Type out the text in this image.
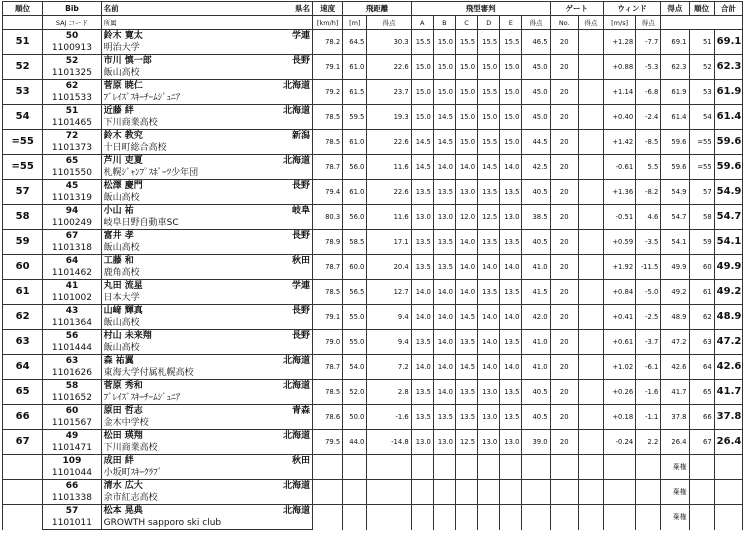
順位	Bib	名前 県名	速度	飛距離		飛型審判						ゲート		ウィンド		得点	順位	合計
	SAJ コード	所属	[km/h]	[m]	得点	A	B	C	D	E	得点	No.	得点	[m/s]	得点			
51	50	鈴木 寛太 学連	78.2	64.5	30.3	15.5	15.0	15.5	15.5	15.5	46.5	20		+1.28	-7.7	69.1	51	69.1
	1100913	明治大学																
52	52	市川 慎一郎 長野	79.1	61.0	22.6	15.0	15.0	15.0	15.0	15.0	45.0	20		+0.88	-5.3	62.3	52	62.3
	1101325	飯山高校																
53	62	菅原 暁仁 北海道	79.2	61.5	23.7	15.0	15.0	15.0	15.5	15.0	45.0	20		+1.14	-6.8	61.9	53	61.9
	1101533	ﾌﾞﾚｲｽﾞｽｷｰﾁｰﾑｼﾞｭﾆｱ																
54	51	近藤 絆 北海道	78.5	59.5	19.3	15.0	14.5	15.0	15.0	15.0	45.0	20		+0.40	-2.4	61.4	54	61.4
	1101465	下川商業高校																
=55	72	鈴木 教究 新潟	78.5	61.0	22.6	14.5	14.5	15.0	15.5	15.0	44.5	20		+1.42	-8.5	59.6	=55	59.6
	1101373	十日町総合高校																
=55	65	芦川 吏夏 北海道	78.7	56.0	11.6	14.5	14.0	14.0	14.5	14.0	42.5	20		-0.61	5.5	59.6	=55	59.6
	1101550	札幌ｼﾞｬﾝﾌﾟｽﾎﾟｰﾂ少年団																
57	45	松澤 慶門 長野	79.4	61.0	22.6	13.5	13.5	13.0	13.5	13.5	40.5	20		+1.36	-8.2	54.9	57	54.9
	1101319	飯山高校																
58	94	小山 祐 岐阜	80.3	56.0	11.6	13.0	13.0	12.0	12.5	13.0	38.5	20		-0.51	4.6	54.7	58	54.7
	1100249	岐阜日野自動車SC																
59	67	富井 孝 長野	78.9	58.5	17.1	13.5	13.5	14.0	13.5	13.5	40.5	20		+0.59	-3.5	54.1	59	54.1
	1101318	飯山高校																
60	64	工藤 和 秋田	78.7	60.0	20.4	13.5	13.5	14.0	14.0	14.0	41.0	20		+1.92	-11.5	49.9	60	49.9
	1101462	鹿角高校																
61	41	丸田 流星 学連	78.5	56.5	12.7	14.0	14.0	14.0	13.5	13.5	41.5	20		+0.84	-5.0	49.2	61	49.2
	1101002	日本大学																
62	43	山﨑 輝真 長野	79.1	55.0	9.4	14.0	14.0	14.5	14.0	14.0	42.0	20		+0.41	-2.5	48.9	62	48.9
	1101364	飯山高校																
63	56	村山 未来翔 長野	79.0	55.0	9.4	13.5	14.0	13.5	14.0	13.5	41.0	20		+0.61	-3.7	47.2	63	47.2
	1101444	飯山高校																
64	63	森 祐翼 北海道	78.7	54.0	7.2	14.0	14.0	14.5	14.0	14.0	41.0	20		+1.02	-6.1	42.6	64	42.6
	1101626	東海大学付属札幌高校																
65	58	菅原 秀和 北海道	78.5	52.0	2.8	13.5	14.0	13.5	13.0	13.5	40.5	20		+0.26	-1.6	41.7	65	41.7
	1101652	ﾌﾞﾚｲｽﾞｽｷｰﾁｰﾑｼﾞｭﾆｱ																
66	60	原田 哲志 青森	78.6	50.0	-1.6	13.5	13.5	13.5	13.0	13.5	40.5	20		+0.18	-1.1	37.8	66	37.8
	1101567	金木中学校																
67	49	松田 瑛翔 北海道	79.5	44.0	-14.8	13.0	13.0	12.5	13.0	13.0	39.0	20		-0.24	2.2	26.4	67	26.4
	1101471	下川商業高校																
	109	成田 絆 秋田														棄権		
	1101044	小坂町ｽｷｰｸﾗﾌﾞ																
	66	清水 広大 北海道														棄権		
	1101338	余市紅志高校																
	57	松本 晃典 北海道														棄権		
	1101011	GROWTH sapporo ski club																
